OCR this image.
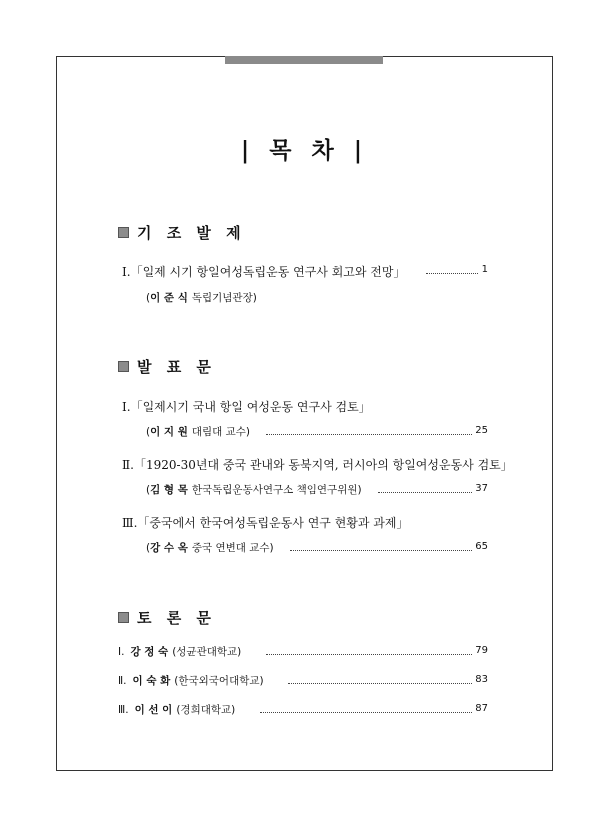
| 목 차 |
기 조 발 제
Ⅰ.「일제 시기 항일여성독립운동 연구사 회고와 전망」	1
( 이 준 식 독립기념관장 )
발 표 문
Ⅰ.「일제시기 국내 항일 여성운동 연구사 검토」
( 이 지 원 대림대 교수 )	25
Ⅱ.「1920-30년대 중국 관내와 동북지역, 러시아의 항일여성운동사 검토」
( 김 형 목 한국독립운동사연구소 책임연구위원 )	37
Ⅲ.「중국에서 한국여성독립운동사 연구 현황과 과제」
( 강 수 옥 중국 연변대 교수 )	65
토 론 문
Ⅰ. 강 정 숙 (성균관대학교)	79
Ⅱ. 이 숙 화 (한국외국어대학교)	83
Ⅲ. 이 선 이 (경희대학교)	87
